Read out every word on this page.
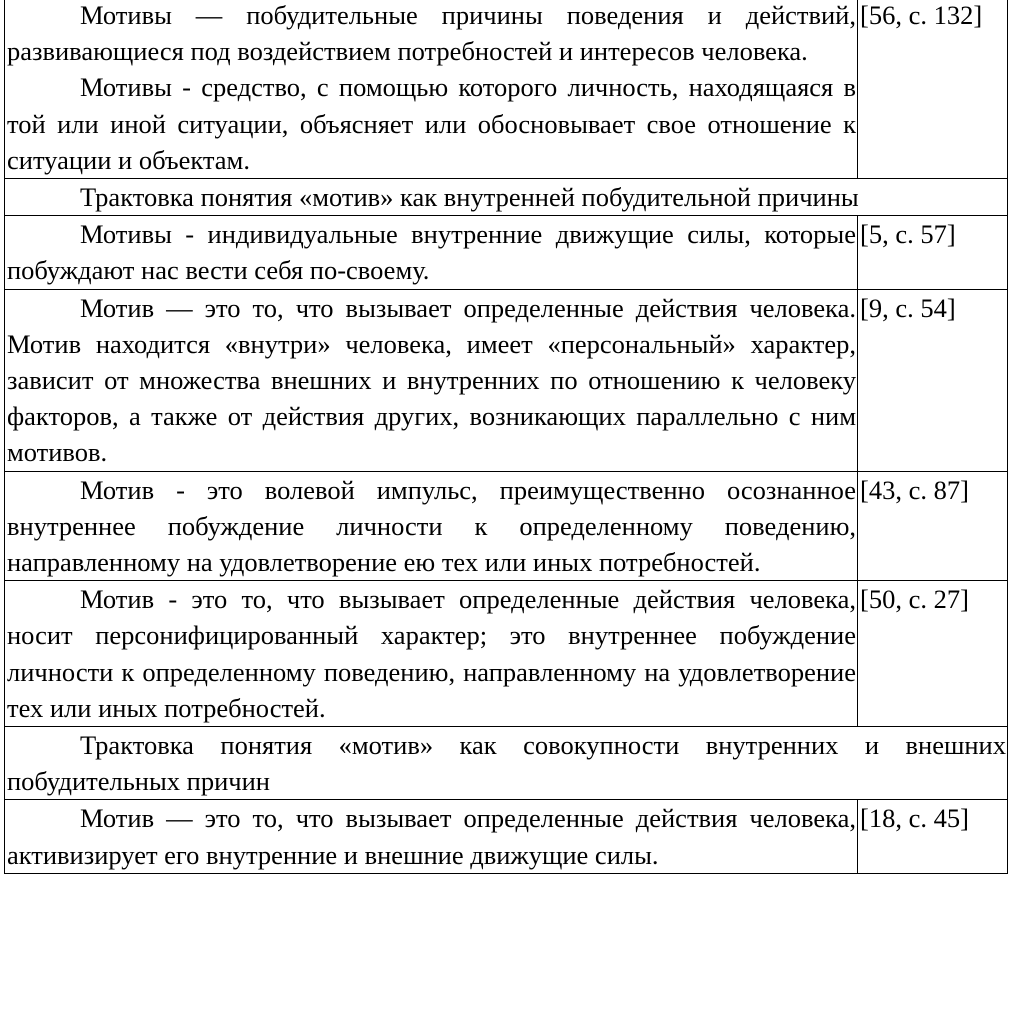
Мотивы — побудительные причины поведения и действий, развивающиеся под воздействием потребностей и интересов человека.

Мотивы - средство, с помощью которого личность, находящаяся в той или иной ситуации, объясняет или обосновывает свое отношение к ситуации и объектам.	[56, с. 132]

Трактовка понятия «мотив» как внутренней побудительной причины	

Мотивы - индивидуальные внутренние движущие силы, которые побуждают нас вести себя по-своему.	[5, с. 57]

Мотив — это то, что вызывает определенные действия человека. Мотив находится «внутри» человека, имеет «персональный» характер, зависит от множества внешних и внутренних по отношению к человеку факторов, а также от действия других, возникающих параллельно с ним мотивов.	[9, с. 54]

Мотив - это волевой импульс, преимущественно осознанное внутреннее побуждение личности к определенному поведению, направленному на удовлетворение ею тех или иных потребностей.	[43, с. 87]

Мотив - это то, что вызывает определенные действия человека, носит персонифицированный характер; это внутреннее побуждение личности к определенному поведению, направленному на удовлетворение тех или иных потребностей.	[50, с. 27]

Трактовка понятия «мотив» как совокупности внутренних и внешних побудительных причин	

Мотив — это то, что вызывает определенные действия человека, активизирует его внутренние и внешние движущие силы.	[18, с. 45]
